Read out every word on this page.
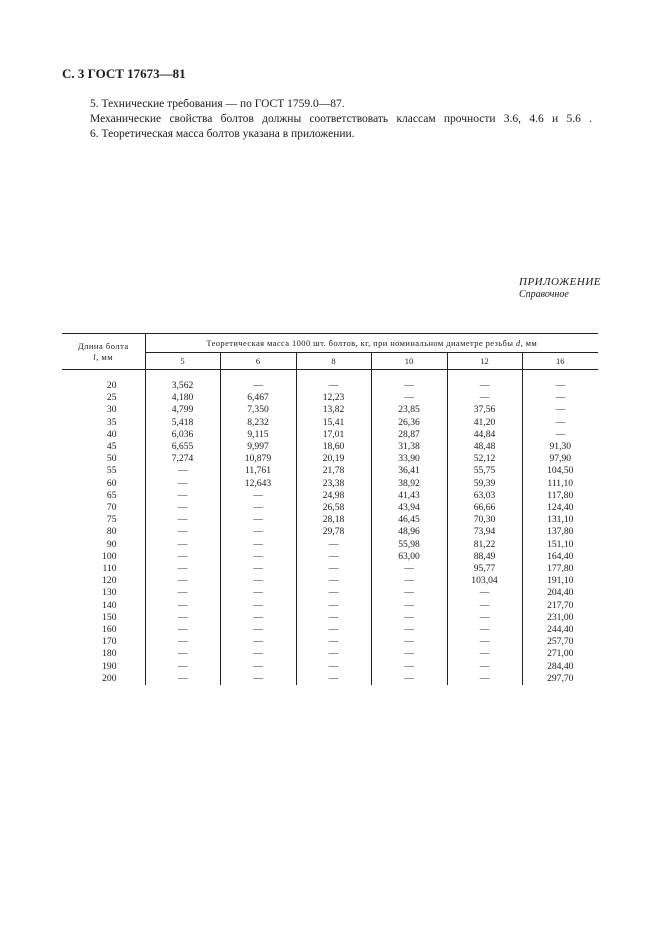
С. 3 ГОСТ 17673—81
5. Технические требования — по ГОСТ 1759.0—87.
Механические свойства болтов должны соответствовать классам прочности 3.6, 4.6 и 5.6 .
6. Теоретическая масса болтов указана в приложении.
ПРИЛОЖЕНИЕ
Справочное
Длина болта
l, мм	Теоретическая масса 1000 шт. болтов, кг, при номинальном диаметре резьбы d, мм					
	5	6	8	10	12	16

20	3,562	—	—	—	—	—
25	4,180	6,467	12,23	—	—	—
30	4,799	7,350	13,82	23,85	37,56	—
35	5,418	8,232	15,41	26,36	41,20	—
40	6,036	9,115	17,01	28,87	44,84	—
45	6,655	9,997	18,60	31,38	48,48	91,30
50	7,274	10,879	20,19	33,90	52,12	97,90
55	—	11,761	21,78	36,41	55,75	104,50
60	—	12,643	23,38	38,92	59,39	111,10
65	—	—	24,98	41,43	63,03	117,80
70	—	—	26,58	43,94	66,66	124,40
75	—	—	28,18	46,45	70,30	131,10
80	—	—	29,78	48,96	73,94	137,80
90	—	—	—	55,98	81,22	151,10
100	—	—	—	63,00	88,49	164,40
110	—	—	—	—	95,77	177,80
120	—	—	—	—	103,04	191,10
130	—	—	—	—	—	204,40
140	—	—	—	—	—	217,70
150	—	—	—	—	—	231,00
160	—	—	—	—	—	244,40
170	—	—	—	—	—	257,70
180	—	—	—	—	—	271,00
190	—	—	—	—	—	284,40
200	—	—	—	—	—	297,70
